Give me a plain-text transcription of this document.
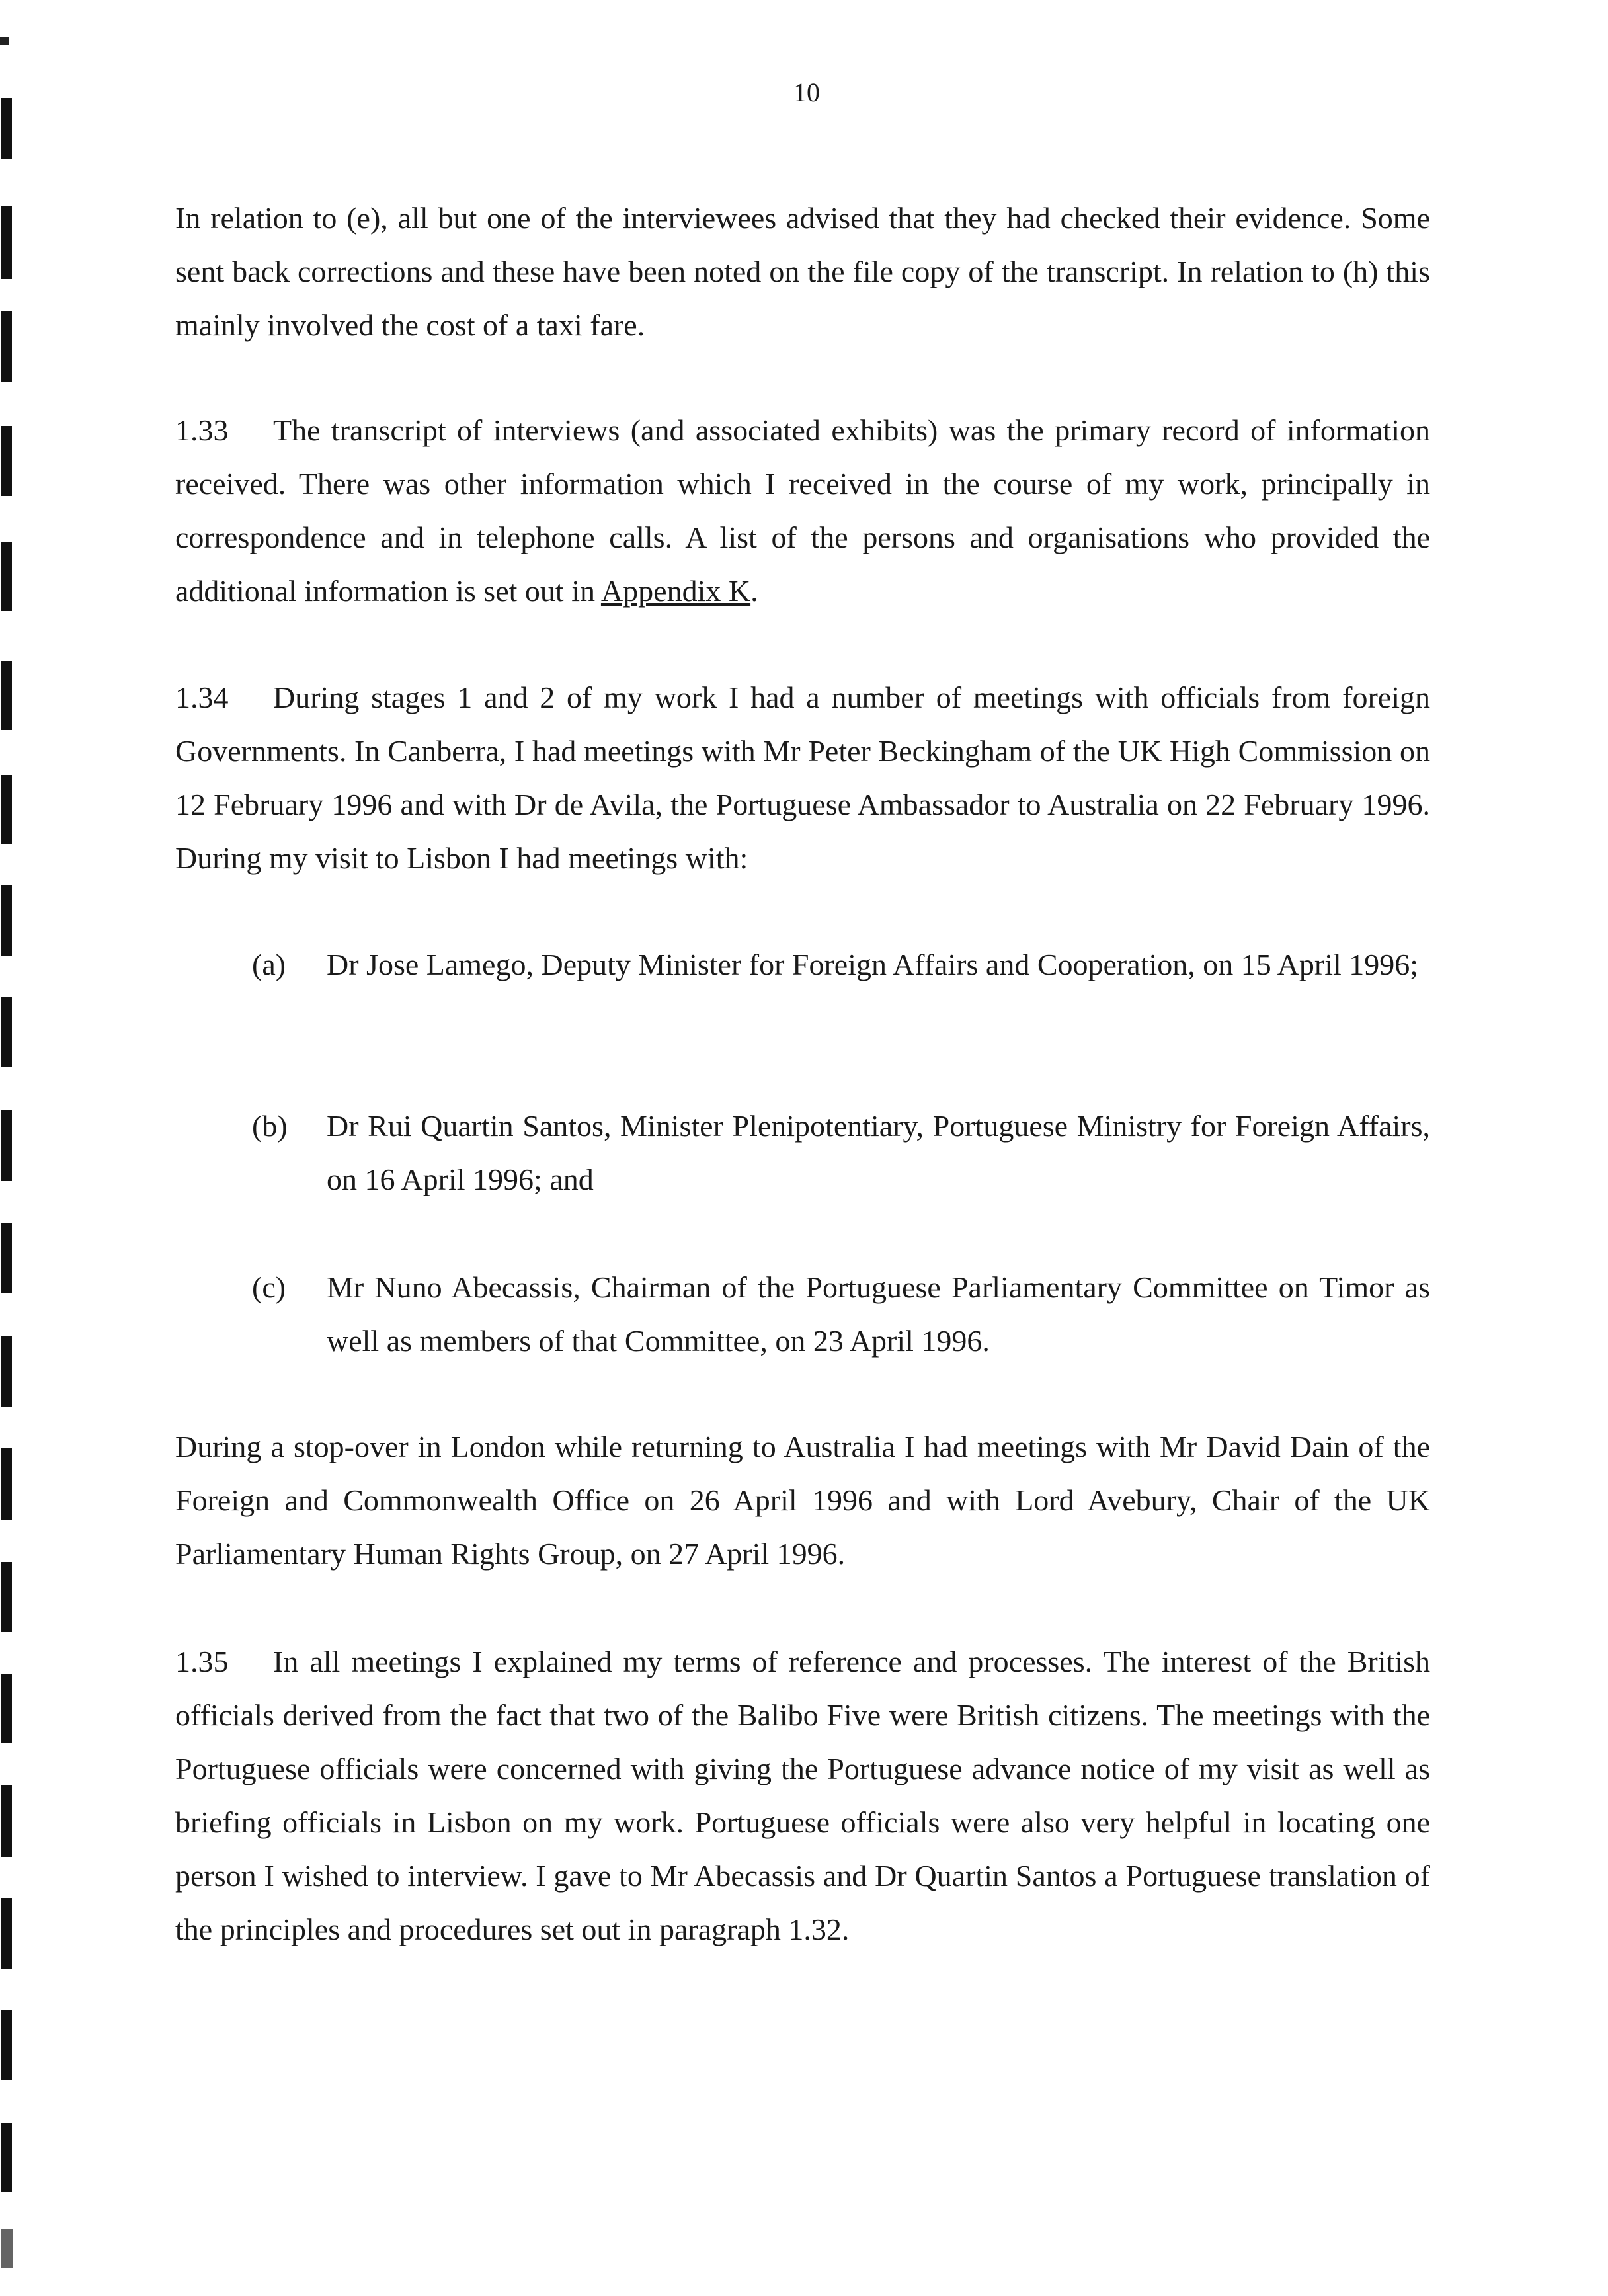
10

In relation to (e), all but one of the interviewees advised that they had checked their evidence. Some sent back corrections and these have been noted on the file copy of the transcript. In relation to (h) this mainly involved the cost of a taxi fare.

1.33 The transcript of interviews (and associated exhibits) was the primary record of information received. There was other information which I received in the course of my work, principally in correspondence and in telephone calls. A list of the persons and organisations who provided the additional information is set out in Appendix K.

1.34 During stages 1 and 2 of my work I had a number of meetings with officials from foreign Governments. In Canberra, I had meetings with Mr Peter Beckingham of the UK High Commission on 12 February 1996 and with Dr de Avila, the Portuguese Ambassador to Australia on 22 February 1996. During my visit to Lisbon I had meetings with:

(a)	Dr Jose Lamego, Deputy Minister for Foreign Affairs and Cooperation, on 15 April 1996;
(b)	Dr Rui Quartin Santos, Minister Plenipotentiary, Portuguese Ministry for Foreign Affairs, on 16 April 1996; and
(c)	Mr Nuno Abecassis, Chairman of the Portuguese Parliamentary Committee on Timor as well as members of that Committee, on 23 April 1996.

During a stop-over in London while returning to Australia I had meetings with Mr David Dain of the Foreign and Commonwealth Office on 26 April 1996 and with Lord Avebury, Chair of the UK Parliamentary Human Rights Group, on 27 April 1996.

1.35 In all meetings I explained my terms of reference and processes. The interest of the British officials derived from the fact that two of the Balibo Five were British citizens. The meetings with the Portuguese officials were concerned with giving the Portuguese advance notice of my visit as well as briefing officials in Lisbon on my work. Portuguese officials were also very helpful in locating one person I wished to interview. I gave to Mr Abecassis and Dr Quartin Santos a Portuguese translation of the principles and procedures set out in paragraph 1.32.
